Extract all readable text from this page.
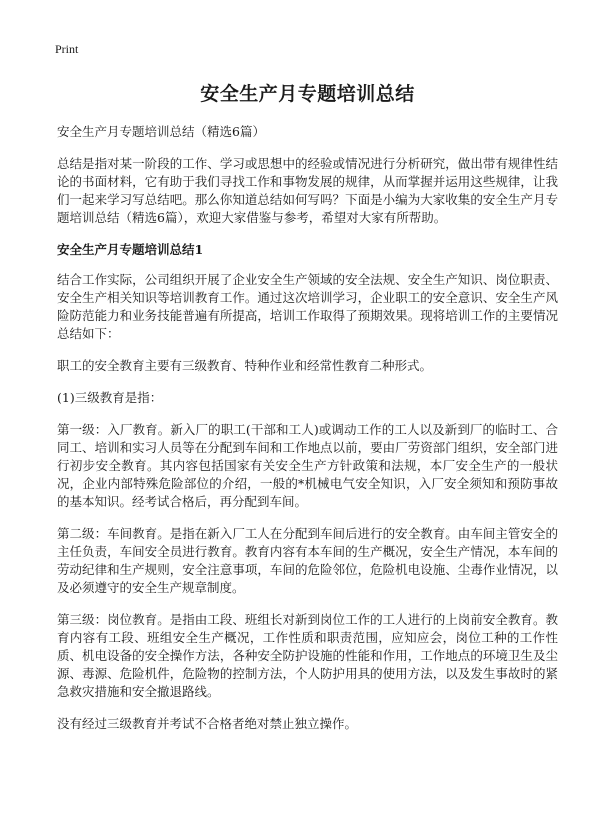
Print
安全生产月专题培训总结

安全生产月专题培训总结（精选6篇）

总结是指对某一阶段的工作、学习或思想中的经验或情况进行分析研究，做出带有规律性结论的书面材料，它有助于我们寻找工作和事物发展的规律，从而掌握并运用这些规律，让我们一起来学习写总结吧。那么你知道总结如何写吗？下面是小编为大家收集的安全生产月专题培训总结（精选6篇），欢迎大家借鉴与参考，希望对大家有所帮助。

安全生产月专题培训总结1

结合工作实际，公司组织开展了企业安全生产领域的安全法规、安全生产知识、岗位职责、安全生产相关知识等培训教育工作。通过这次培训学习，企业职工的安全意识、安全生产风险防范能力和业务技能普遍有所提高，培训工作取得了预期效果。现将培训工作的主要情况总结如下：

职工的安全教育主要有三级教育、特种作业和经常性教育二种形式。

(1)三级教育是指：

第一级：入厂教育。新入厂的职工(干部和工人)或调动工作的工人以及新到厂的临时工、合同工、培训和实习人员等在分配到车间和工作地点以前，要由厂劳资部门组织，安全部门进行初步安全教育。其内容包括国家有关安全生产方针政策和法规，本厂安全生产的一般状况，企业内部特殊危险部位的介绍，一般的*机械电气安全知识，入厂安全须知和预防事故的基本知识。经考试合格后，再分配到车间。

第二级：车间教育。是指在新入厂工人在分配到车间后进行的安全教育。由车间主管安全的主任负责，车间安全员进行教育。教育内容有本车间的生产概况，安全生产情况，本车间的劳动纪律和生产规则，安全注意事项，车间的危险邻位，危险机电设施、尘毒作业情况，以及必须遵守的安全生产规章制度。

第三级：岗位教育。是指由工段、班组长对新到岗位工作的工人进行的上岗前安全教育。教育内容有工段、班组安全生产概况，工作性质和职责范围，应知应会，岗位工种的工作性质、机电设备的安全操作方法，各种安全防护设施的性能和作用，工作地点的环境卫生及尘源、毒源、危险机件，危险物的控制方法，个人防护用具的使用方法，以及发生事故时的紧急救灾措施和安全撤退路线。

没有经过三级教育并考试不合格者绝对禁止独立操作。
